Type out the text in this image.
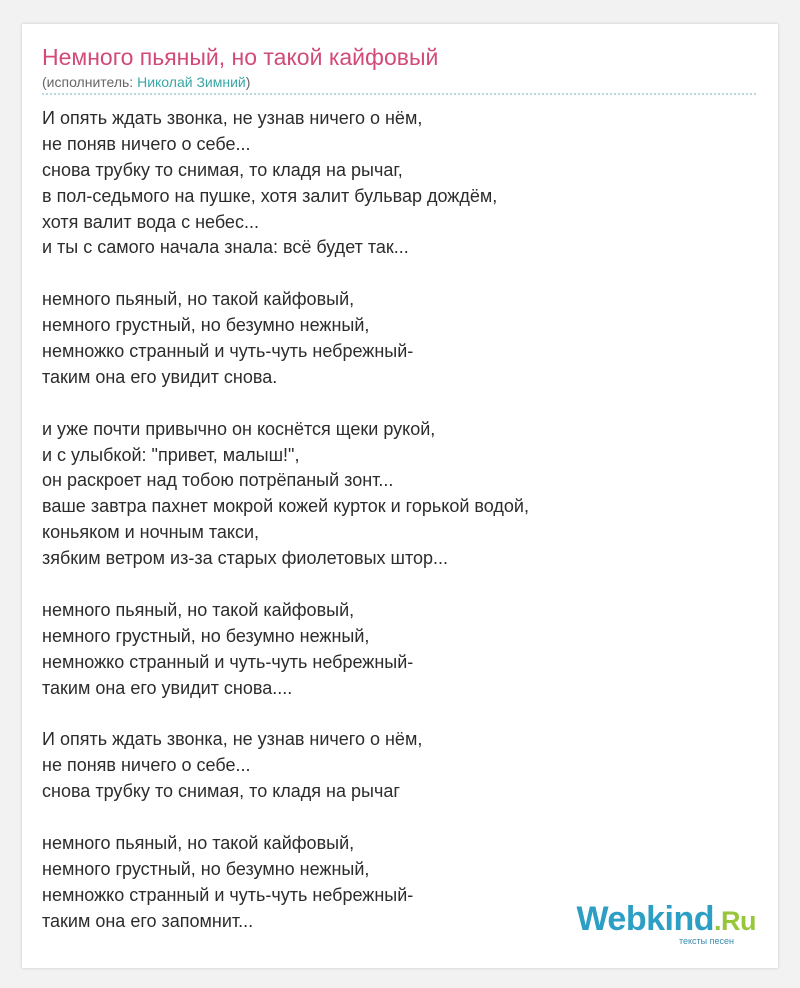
Немного пьяный, но такой кайфовый
(исполнитель: Николай Зимний)
И опять ждать звонка, не узнав ничего о нём,
не поняв ничего о себе...
снова трубку то снимая, то кладя на рычаг,
в пол-седьмого на пушке, хотя залит бульвар дождём,
хотя валит вода с небес...
и ты с самого начала знала: всё будет так...
немного пьяный, но такой кайфовый,
немного грустный, но безумно нежный,
немножко странный и чуть-чуть небрежный-
таким она его увидит снова.
и уже почти привычно он коснётся щеки рукой,
и с улыбкой: "привет, малыш!",
он раскроет над тобою потрёпаный зонт...
ваше завтра пахнет мокрой кожей курток и горькой водой,
коньяком и ночным такси,
зябким ветром из-за старых фиолетовых штор...
немного пьяный, но такой кайфовый,
немного грустный, но безумно нежный,
немножко странный и чуть-чуть небрежный-
таким она его увидит снова....
И опять ждать звонка, не узнав ничего о нём,
не поняв ничего о себе...
снова трубку то снимая, то кладя на рычаг
немного пьяный, но такой кайфовый,
немного грустный, но безумно нежный,
немножко странный и чуть-чуть небрежный-
таким она его запомнит...	Webkind.Ru
тексты песен
